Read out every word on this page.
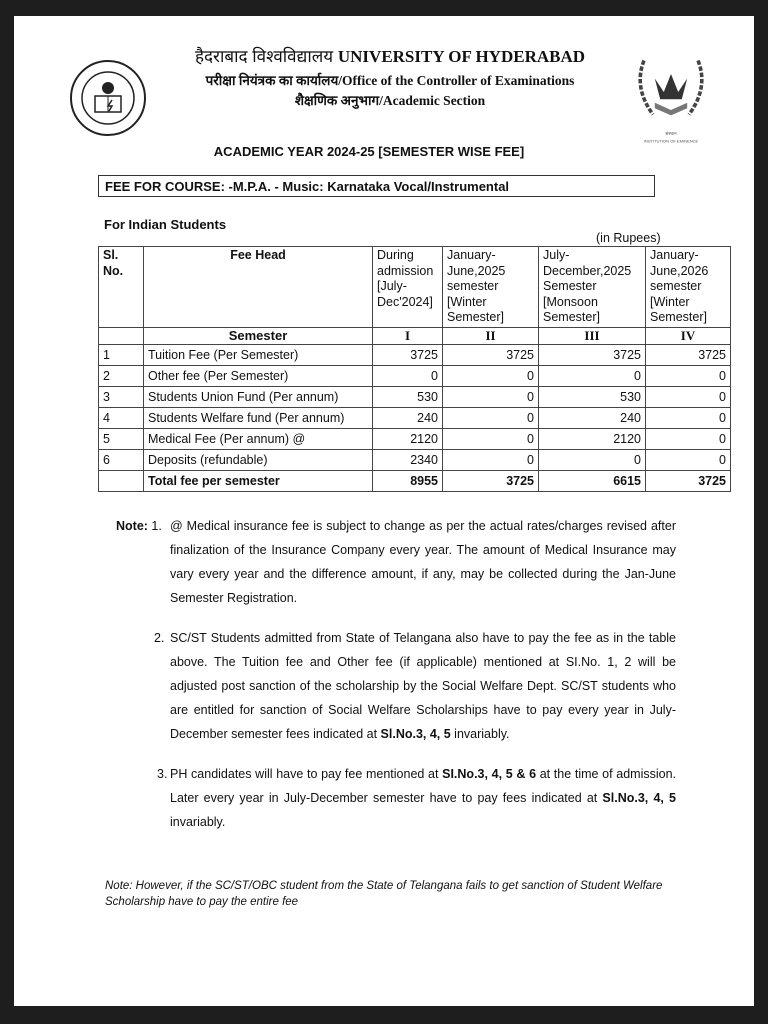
संस्थान
INSTITUTION OF EMINENCE
हैदराबाद विश्वविद्यालय UNIVERSITY OF HYDERABAD
परीक्षा नियंत्रक का कार्यालय/Office of the Controller of Examinations
शैक्षणिक अनुभाग/Academic Section
ACADEMIC YEAR 2024-25 [SEMESTER WISE FEE]
FEE FOR COURSE: -M.P.A. - Music: Karnataka Vocal/Instrumental
For Indian Students
(in Rupees)
Sl. No.	Fee Head	During admission [July-Dec'2024]	January-June,2025 semester [Winter Semester]	July-December,2025 Semester [Monsoon Semester]	January-June,2026 semester [Winter Semester]
	Semester	I	II	III	IV
1	Tuition Fee (Per Semester)	3725	3725	3725	3725
2	Other fee (Per Semester)	0	0	0	0
3	Students Union Fund (Per annum)	530	0	530	0
4	Students Welfare fund (Per annum)	240	0	240	0
5	Medical Fee (Per annum) @	2120	0	2120	0
6	Deposits (refundable)	2340	0	0	0
	Total fee per semester	8955	3725	6615	3725
Note: 1. @ Medical insurance fee is subject to change as per the actual rates/charges revised after finalization of the Insurance Company every year. The amount of Medical Insurance may vary every year and the difference amount, if any, may be collected during the Jan-June Semester Registration.
2. SC/ST Students admitted from State of Telangana also have to pay the fee as in the table above. The Tuition fee and Other fee (if applicable) mentioned at SI.No. 1, 2 will be adjusted post sanction of the scholarship by the Social Welfare Dept. SC/ST students who are entitled for sanction of Social Welfare Scholarships have to pay every year in July-December semester fees indicated at Sl.No.3, 4, 5 invariably.
3. PH candidates will have to pay fee mentioned at SI.No.3, 4, 5 & 6 at the time of admission. Later every year in July-December semester have to pay fees indicated at Sl.No.3, 4, 5 invariably.
Note: However, if the SC/ST/OBC student from the State of Telangana fails to get sanction of Student Welfare Scholarship have to pay the entire fee
